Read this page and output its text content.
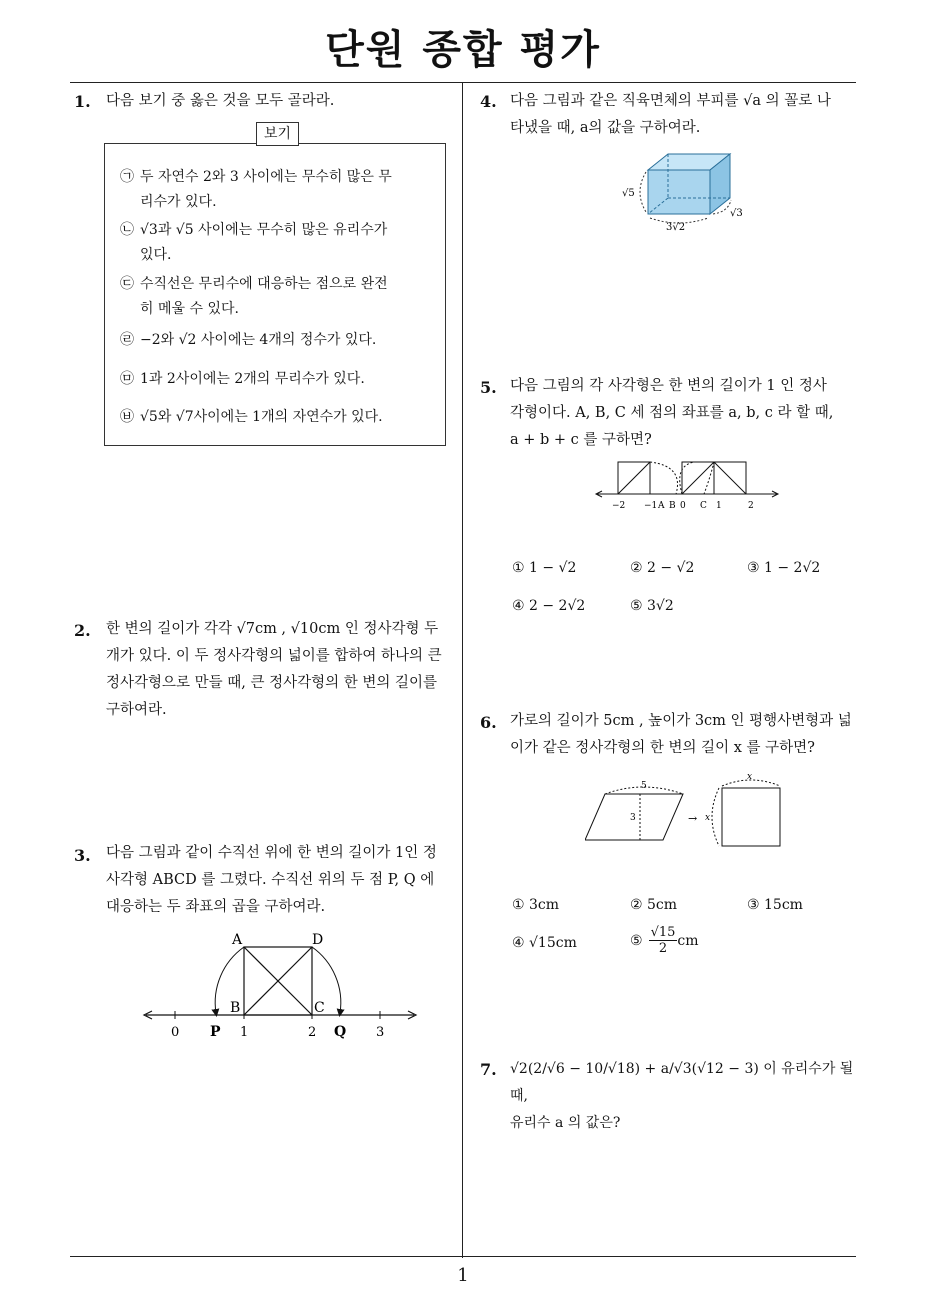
단원 종합 평가
1
1. 다음 보기 중 옳은 것을 모두 골라라.
보기
㉠ 두 자연수 2와 3 사이에는 무수히 많은 무
리수가 있다.
㉡ √3과 √5 사이에는 무수히 많은 유리수가
있다.
㉢ 수직선은 무리수에 대응하는 점으로 완전
히 메울 수 있다.
㉣ −2와 √2 사이에는 4개의 정수가 있다.
㉤ 1과 2사이에는 2개의 무리수가 있다.
㉥ √5와 √7사이에는 1개의 자연수가 있다.
2. 한 변의 길이가 각각 √7cm , √10cm 인 정사각형 두
개가 있다. 이 두 정사각형의 넓이를 합하여 하나의 큰
정사각형으로 만들 때, 큰 정사각형의 한 변의 길이를
구하여라.
3. 다음 그림과 같이 수직선 위에 한 변의 길이가 1인 정
사각형 ABCD 를 그렸다. 수직선 위의 두 점 P, Q 에
대응하는 두 좌표의 곱을 구하여라.
A	D
B	C
P	Q
0	1	2	3
4. 다음 그림과 같은 직육면체의 부피를 √a 의 꼴로 나
타냈을 때, a의 값을 구하여라.
√5
3√2
√3
5. 다음 그림의 각 사각형은 한 변의 길이가 1 인 정사
각형이다. A, B, C 세 점의 좌표를 a, b, c 라 할 때,
a + b + c 를 구하면?
−2 −1 A B 0 C 1	2
① 1 − √2	② 2 − √2	③ 1 − 2√2
④ 2 − 2√2	⑤ 3√2
6. 가로의 길이가 5cm , 높이가 3cm 인 평행사변형과 넓
이가 같은 정사각형의 한 변의 길이 x 를 구하면?
5
3	→
x
x
① 3cm	② 5cm	③ 15cm
④ √15cm	⑤ $\frac{√15}{2}$ cm
7. √2(2/√6 − 10/√18) + a/√3(√12 − 3) 이 유리수가 될 때,
유리수 a 의 값은?
